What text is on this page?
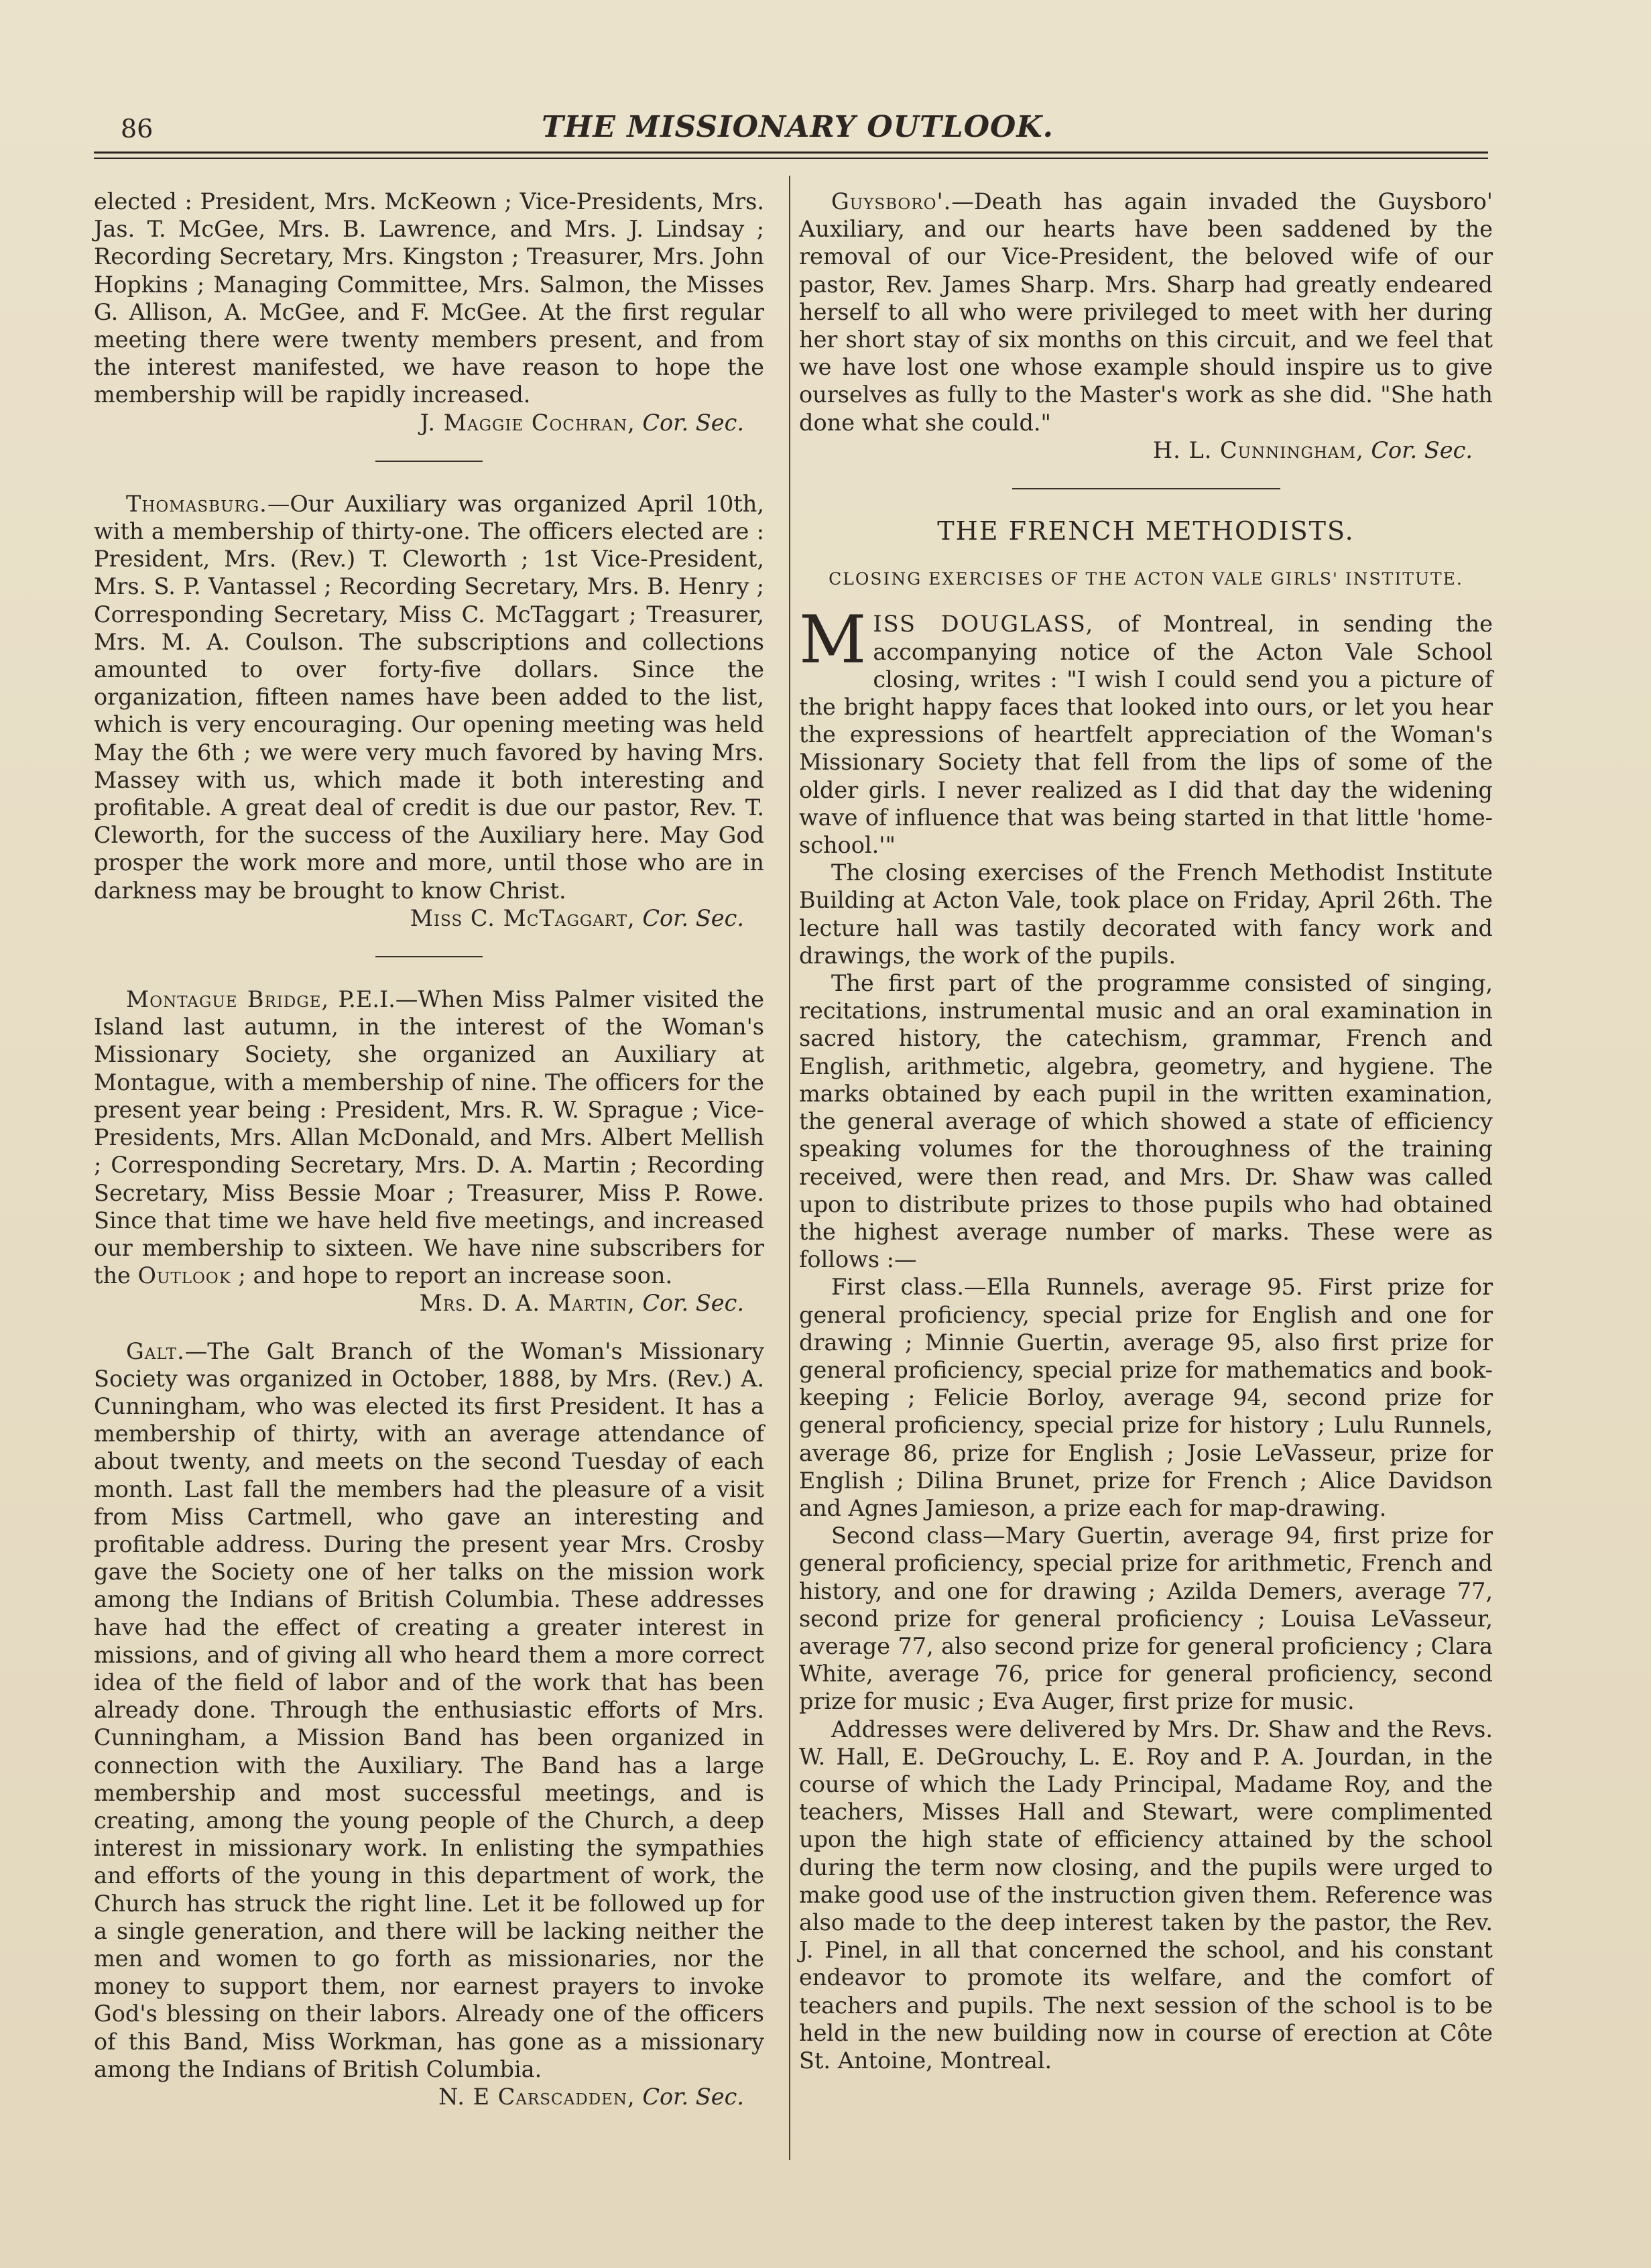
86	THE MISSIONARY OUTLOOK.

elected : President, Mrs. McKeown ; Vice-Presidents, Mrs. Jas. T. McGee, Mrs. B. Lawrence, and Mrs. J. Lindsay ; Recording Secretary, Mrs. Kingston ; Treasurer, Mrs. John Hopkins ; Managing Committee, Mrs. Salmon, the Misses G. Allison, A. McGee, and F. McGee. At the first regular meeting there were twenty members present, and from the interest manifested, we have reason to hope the membership will be rapidly increased.

J. Maggie Cochran, Cor. Sec.

Thomasburg.—Our Auxiliary was organized April 10th, with a membership of thirty-one. The officers elected are : President, Mrs. (Rev.) T. Cleworth ; 1st Vice-President, Mrs. S. P. Vantassel ; Recording Secretary, Mrs. B. Henry ; Corresponding Secretary, Miss C. McTaggart ; Treasurer, Mrs. M. A. Coulson. The subscriptions and collections amounted to over forty-five dollars. Since the organization, fifteen names have been added to the list, which is very encouraging. Our opening meeting was held May the 6th ; we were very much favored by having Mrs. Massey with us, which made it both interesting and profitable. A great deal of credit is due our pastor, Rev. T. Cleworth, for the success of the Auxiliary here. May God prosper the work more and more, until those who are in darkness may be brought to know Christ.

Miss C. McTaggart, Cor. Sec.

Montague Bridge, P.E.I.—When Miss Palmer visited the Island last autumn, in the interest of the Woman's Missionary Society, she organized an Auxiliary at Montague, with a membership of nine. The officers for the present year being : President, Mrs. R. W. Sprague ; Vice-Presidents, Mrs. Allan McDonald, and Mrs. Albert Mellish ; Corresponding Secretary, Mrs. D. A. Martin ; Recording Secretary, Miss Bessie Moar ; Treasurer, Miss P. Rowe. Since that time we have held five meetings, and increased our membership to sixteen. We have nine subscribers for the Outlook ; and hope to report an increase soon.

Mrs. D. A. Martin, Cor. Sec.

Galt.—The Galt Branch of the Woman's Missionary Society was organized in October, 1888, by Mrs. (Rev.) A. Cunningham, who was elected its first President. It has a membership of thirty, with an average attendance of about twenty, and meets on the second Tuesday of each month. Last fall the members had the pleasure of a visit from Miss Cartmell, who gave an interesting and profitable address. During the present year Mrs. Crosby gave the Society one of her talks on the mission work among the Indians of British Columbia. These addresses have had the effect of creating a greater interest in missions, and of giving all who heard them a more correct idea of the field of labor and of the work that has been already done. Through the enthusiastic efforts of Mrs. Cunningham, a Mission Band has been organized in connection with the Auxiliary. The Band has a large membership and most successful meetings, and is creating, among the young people of the Church, a deep interest in missionary work. In enlisting the sympathies and efforts of the young in this department of work, the Church has struck the right line. Let it be followed up for a single generation, and there will be lacking neither the men and women to go forth as missionaries, nor the money to support them, nor earnest prayers to invoke God's blessing on their labors. Already one of the officers of this Band, Miss Workman, has gone as a missionary among the Indians of British Columbia.

N. E Carscadden, Cor. Sec.

Guysboro'.—Death has again invaded the Guysboro' Auxiliary, and our hearts have been saddened by the removal of our Vice-President, the beloved wife of our pastor, Rev. James Sharp. Mrs. Sharp had greatly endeared herself to all who were privileged to meet with her during her short stay of six months on this circuit, and we feel that we have lost one whose example should inspire us to give ourselves as fully to the Master's work as she did. "She hath done what she could."

H. L. Cunningham, Cor. Sec.

THE FRENCH METHODISTS.
CLOSING EXERCISES OF THE ACTON VALE GIRLS' INSTITUTE.

MISS DOUGLASS, of Montreal, in sending the accompanying notice of the Acton Vale School closing, writes : "I wish I could send you a picture of the bright happy faces that looked into ours, or let you hear the expressions of heartfelt appreciation of the Woman's Missionary Society that fell from the lips of some of the older girls. I never realized as I did that day the widening wave of influence that was being started in that little 'home-school.'"

The closing exercises of the French Methodist Institute Building at Acton Vale, took place on Friday, April 26th. The lecture hall was tastily decorated with fancy work and drawings, the work of the pupils.

The first part of the programme consisted of singing, recitations, instrumental music and an oral examination in sacred history, the catechism, grammar, French and English, arithmetic, algebra, geometry, and hygiene. The marks obtained by each pupil in the written examination, the general average of which showed a state of efficiency speaking volumes for the thoroughness of the training received, were then read, and Mrs. Dr. Shaw was called upon to distribute prizes to those pupils who had obtained the highest average number of marks. These were as follows :—

First class.—Ella Runnels, average 95. First prize for general proficiency, special prize for English and one for drawing ; Minnie Guertin, average 95, also first prize for general proficiency, special prize for mathematics and book-keeping ; Felicie Borloy, average 94, second prize for general proficiency, special prize for history ; Lulu Runnels, average 86, prize for English ; Josie LeVasseur, prize for English ; Dilina Brunet, prize for French ; Alice Davidson and Agnes Jamieson, a prize each for map-drawing.

Second class—Mary Guertin, average 94, first prize for general proficiency, special prize for arithmetic, French and history, and one for drawing ; Azilda Demers, average 77, second prize for general proficiency ; Louisa LeVasseur, average 77, also second prize for general proficiency ; Clara White, average 76, price for general proficiency, second prize for music ; Eva Auger, first prize for music.

Addresses were delivered by Mrs. Dr. Shaw and the Revs. W. Hall, E. DeGrouchy, L. E. Roy and P. A. Jourdan, in the course of which the Lady Principal, Madame Roy, and the teachers, Misses Hall and Stewart, were complimented upon the high state of efficiency attained by the school during the term now closing, and the pupils were urged to make good use of the instruction given them. Reference was also made to the deep interest taken by the pastor, the Rev. J. Pinel, in all that concerned the school, and his constant endeavor to promote its welfare, and the comfort of teachers and pupils. The next session of the school is to be held in the new building now in course of erection at Côte St. Antoine, Montreal.
